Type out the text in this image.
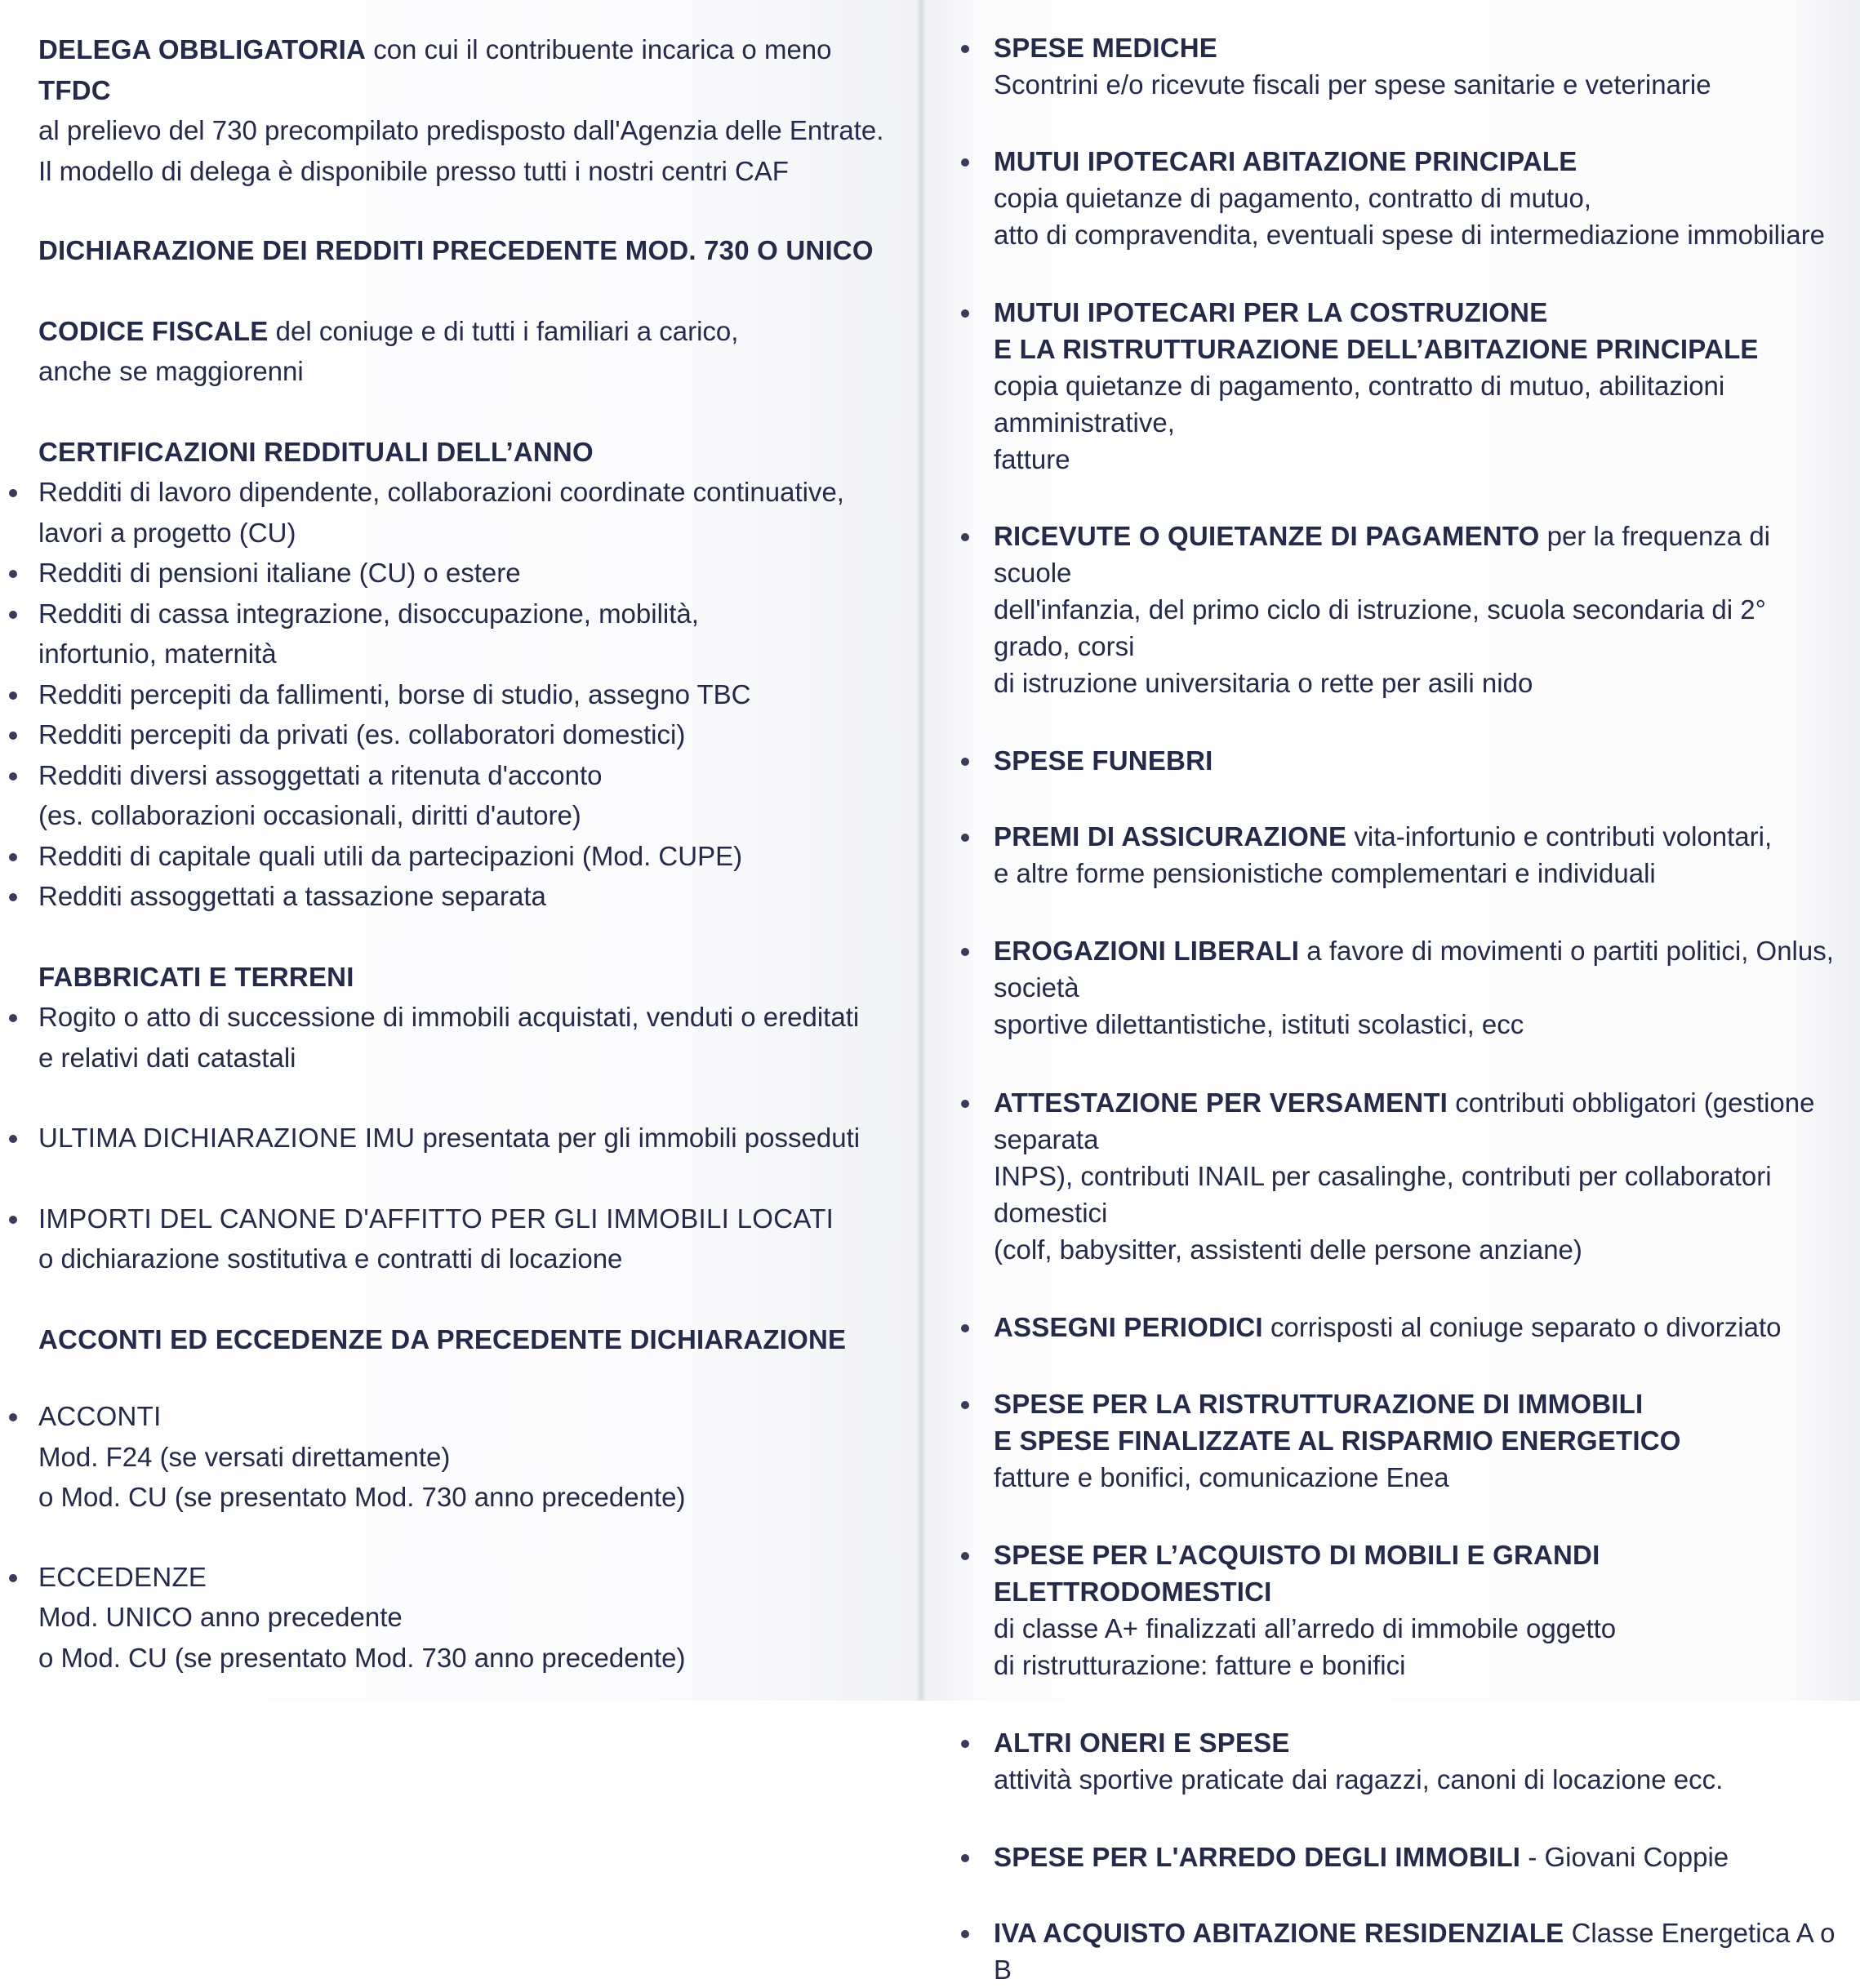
DELEGA OBBLIGATORIA con cui il contribuente incarica o meno TFDC

al prelievo del 730 precompilato predisposto dall'Agenzia delle Entrate.

Il modello di delega è disponibile presso tutti i nostri centri CAF

DICHIARAZIONE DEI REDDITI PRECEDENTE MOD. 730 O UNICO

CODICE FISCALE del coniuge e di tutti i familiari a carico,

anche se maggiorenni

CERTIFICAZIONI REDDITUALI DELL’ANNO

Redditi di lavoro dipendente, collaborazioni coordinate continuative,
lavori a progetto (CU)
Redditi di pensioni italiane (CU) o estere
Redditi di cassa integrazione, disoccupazione, mobilità,
infortunio, maternità
Redditi percepiti da fallimenti, borse di studio, assegno TBC
Redditi percepiti da privati (es. collaboratori domestici)
Redditi diversi assoggettati a ritenuta d'acconto
(es. collaborazioni occasionali, diritti d'autore)
Redditi di capitale quali utili da partecipazioni (Mod. CUPE)
Redditi assoggettati a tassazione separata

FABBRICATI E TERRENI

Rogito o atto di successione di immobili acquistati, venduti o ereditati
e relativi dati catastali
ULTIMA DICHIARAZIONE IMU presentata per gli immobili posseduti
IMPORTI DEL CANONE D'AFFITTO PER GLI IMMOBILI LOCATI
o dichiarazione sostitutiva e contratti di locazione

ACCONTI ED ECCEDENZE DA PRECEDENTE DICHIARAZIONE

ACCONTI
Mod. F24 (se versati direttamente)
o Mod. CU (se presentato Mod. 730 anno precedente)
ECCEDENZE
Mod. UNICO anno precedente
o Mod. CU (se presentato Mod. 730 anno precedente)
SPESE MEDICHE
Scontrini e/o ricevute fiscali per spese sanitarie e veterinarie
MUTUI IPOTECARI ABITAZIONE PRINCIPALE
copia quietanze di pagamento, contratto di mutuo,
atto di compravendita, eventuali spese di intermediazione immobiliare
MUTUI IPOTECARI PER LA COSTRUZIONE
E LA RISTRUTTURAZIONE DELL’ABITAZIONE PRINCIPALE
copia quietanze di pagamento, contratto di mutuo, abilitazioni amministrative,
fatture
RICEVUTE O QUIETANZE DI PAGAMENTO per la frequenza di scuole
dell'infanzia, del primo ciclo di istruzione, scuola secondaria di 2° grado, corsi
di istruzione universitaria o rette per asili nido
SPESE FUNEBRI
PREMI DI ASSICURAZIONE vita-infortunio e contributi volontari,
e altre forme pensionistiche complementari e individuali
EROGAZIONI LIBERALI a favore di movimenti o partiti politici, Onlus, società
sportive dilettantistiche, istituti scolastici, ecc
ATTESTAZIONE PER VERSAMENTI contributi obbligatori (gestione separata
INPS), contributi INAIL per casalinghe, contributi per collaboratori domestici
(colf, babysitter, assistenti delle persone anziane)
ASSEGNI PERIODICI corrisposti al coniuge separato o divorziato
SPESE PER LA RISTRUTTURAZIONE DI IMMOBILI
E SPESE FINALIZZATE AL RISPARMIO ENERGETICO
fatture e bonifici, comunicazione Enea
SPESE PER L’ACQUISTO DI MOBILI E GRANDI ELETTRODOMESTICI
di classe A+ finalizzati all’arredo di immobile oggetto
di ristrutturazione: fatture e bonifici
ALTRI ONERI E SPESE
attività sportive praticate dai ragazzi, canoni di locazione ecc.
SPESE PER L'ARREDO DEGLI IMMOBILI - Giovani Coppie
IVA ACQUISTO ABITAZIONE RESIDENZIALE Classe Energetica A o B
